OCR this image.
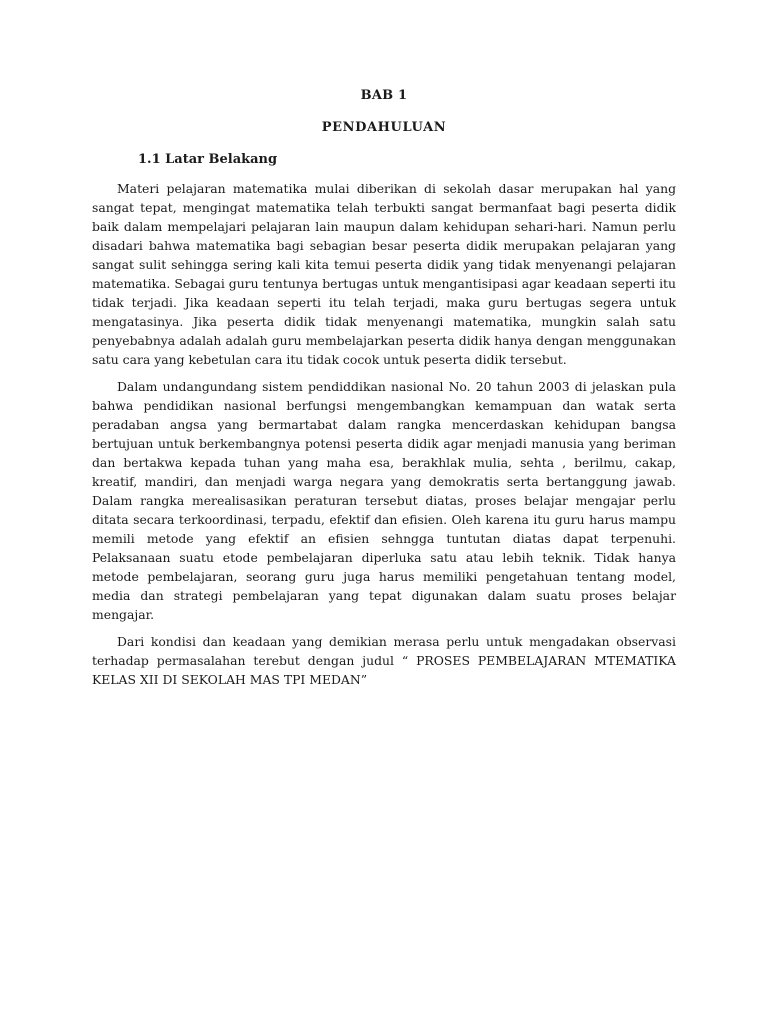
BAB 1

PENDAHULUAN

1.1 Latar Belakang

Materi pelajaran matematika mulai diberikan di sekolah dasar merupakan hal yang sangat tepat, mengingat matematika telah terbukti sangat bermanfaat bagi peserta didik baik dalam mempelajari pelajaran lain maupun dalam kehidupan sehari-hari. Namun perlu disadari bahwa matematika bagi sebagian besar peserta didik merupakan pelajaran yang sangat sulit sehingga sering kali kita temui peserta didik yang tidak menyenangi pelajaran matematika. Sebagai guru tentunya bertugas untuk mengantisipasi agar keadaan seperti itu tidak terjadi. Jika keadaan seperti itu telah terjadi, maka guru bertugas segera untuk mengatasinya. Jika peserta didik tidak menyenangi matematika, mungkin salah satu penyebabnya adalah adalah guru membelajarkan peserta didik hanya dengan menggunakan satu cara yang kebetulan cara itu tidak cocok untuk peserta didik tersebut.

Dalam undangundang sistem pendiddikan nasional No. 20 tahun 2003 di jelaskan pula bahwa pendidikan nasional berfungsi mengembangkan kemampuan dan watak serta peradaban angsa yang bermartabat dalam rangka mencerdaskan kehidupan bangsa bertujuan untuk berkembangnya potensi peserta didik agar menjadi manusia yang beriman dan bertakwa kepada tuhan yang maha esa, berakhlak mulia, sehta , berilmu, cakap, kreatif, mandiri, dan menjadi warga negara yang demokratis serta bertanggung jawab. Dalam rangka merealisasikan peraturan tersebut diatas, proses belajar mengajar perlu ditata secara terkoordinasi, terpadu, efektif dan efisien. Oleh karena itu guru harus mampu memili metode yang efektif an efisien sehngga tuntutan diatas dapat terpenuhi. Pelaksanaan suatu etode pembelajaran diperluka satu atau lebih teknik. Tidak hanya metode pembelajaran, seorang guru juga harus memiliki pengetahuan tentang model, media dan strategi pembelajaran yang tepat digunakan dalam suatu proses belajar mengajar.

Dari kondisi dan keadaan yang demikian merasa perlu untuk mengadakan observasi terhadap permasalahan terebut dengan judul “ PROSES PEMBELAJARAN MTEMATIKA KELAS XII DI SEKOLAH MAS TPI MEDAN”
